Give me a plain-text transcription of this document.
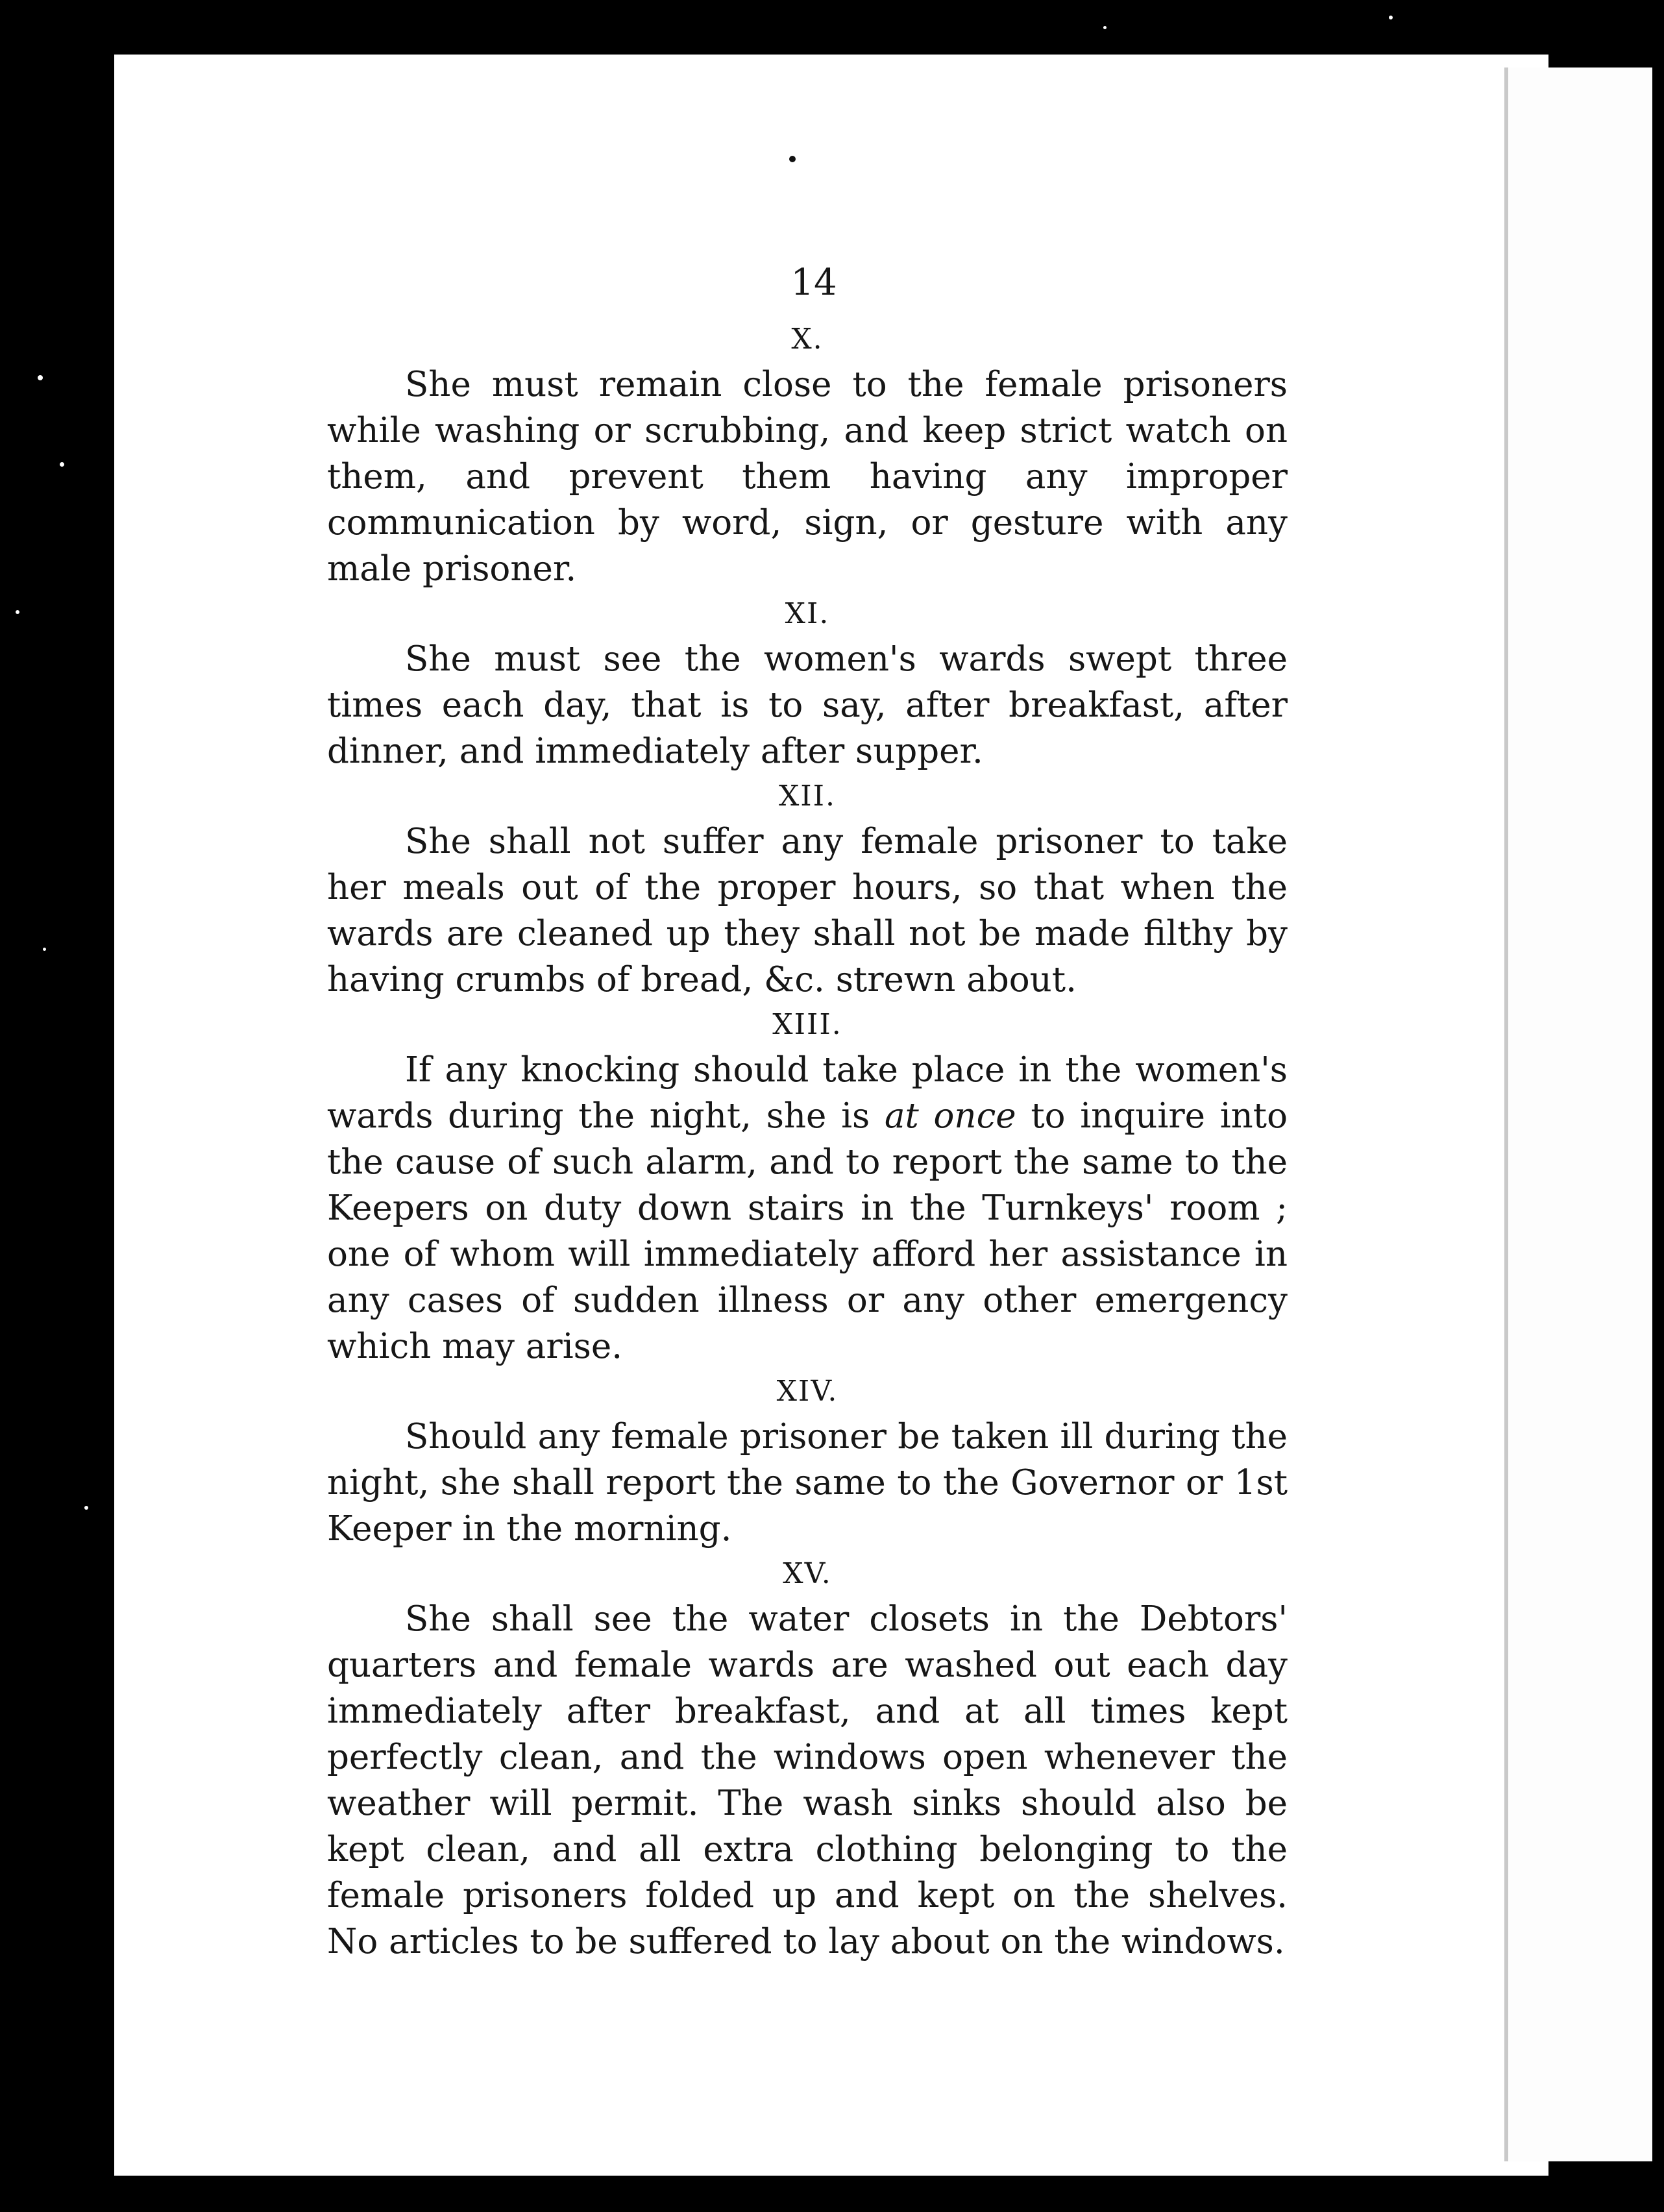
14
X.

She must remain close to the female prisoners while washing or scrubbing, and keep strict watch on them, and prevent them having any improper communication by word, sign, or gesture with any male prisoner.

XI.

She must see the women's wards swept three times each day, that is to say, after breakfast, after dinner, and immediately after supper.

XII.

She shall not suffer any female prisoner to take her meals out of the proper hours, so that when the wards are cleaned up they shall not be made filthy by having crumbs of bread, &c. strewn about.

XIII.

If any knocking should take place in the women's wards during the night, she is at once to inquire into the cause of such alarm, and to report the same to the Keepers on duty down stairs in the Turnkeys' room ; one of whom will immediately afford her assistance in any cases of sudden illness or any other emergency which may arise.

XIV.

Should any female prisoner be taken ill during the night, she shall report the same to the Governor or 1st Keeper in the morning.

XV.

She shall see the water closets in the Debtors' quarters and female wards are washed out each day immediately after breakfast, and at all times kept perfectly clean, and the windows open whenever the weather will permit. The wash sinks should also be kept clean, and all extra clothing belonging to the female prisoners folded up and kept on the shelves. No articles to be suffered to lay about on the windows.
